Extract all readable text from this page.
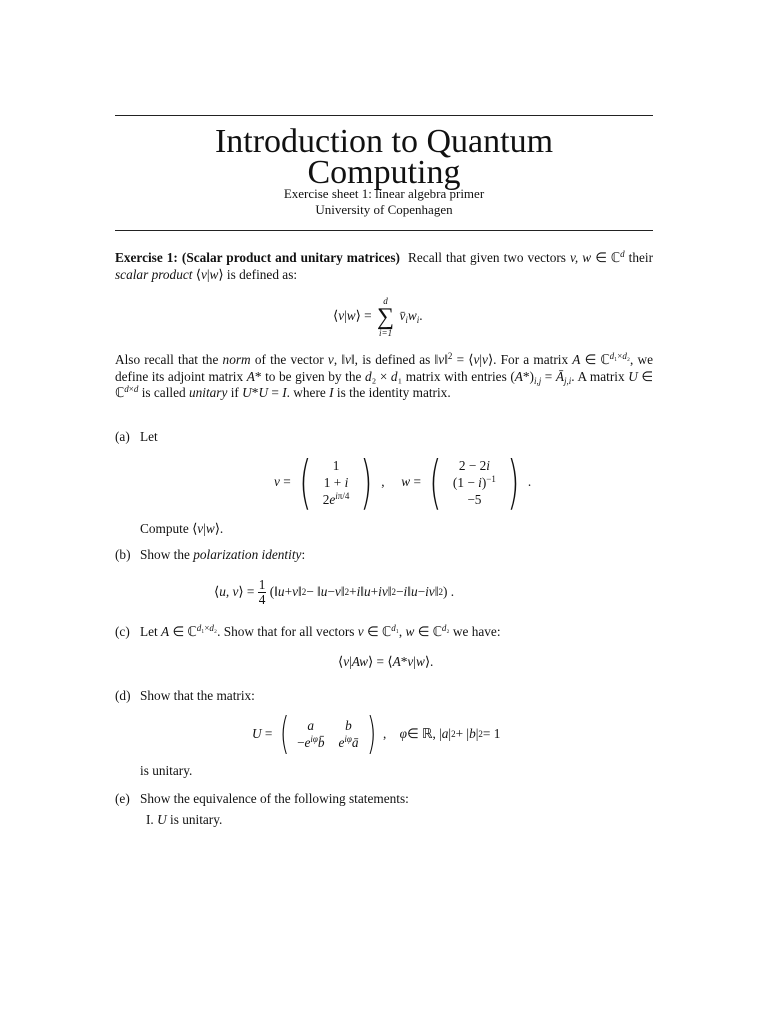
Introduction to Quantum
Computing
Exercise sheet 1: linear algebra primer
University of Copenhagen
Exercise 1: (Scalar product and unitary matrices) Recall that given two vectors v, w ∈ ℂ$^d$ their scalar product ⟨v|w⟩ is defined as:
⟨v|w⟩ =
d
∑
i=1
$v̄_iw_i$.
Also recall that the norm of the vector v, ‖v‖, is defined as ‖v‖$^2$ = ⟨v|v⟩. For a matrix A ∈ ℂ$^{d_1\times d_2}$, we define its adjoint matrix A* to be given by the d₂ × d₁ matrix with entries $(A*)_{i,j}$ = $Ā_{j,i}$. A matrix U ∈ ℂ$^{d\times d}$ is called unitary if U*U = I. where I is the identity matrix.
(a) Let
v = ( 1
1 + i
$2e^{i\pi/4}$ ) , w = ( 2 − 2i
$(1 - i)^{-1}$
−5 ) .
Compute ⟨v|w⟩.
(b) Show the polarization identity:
⟨ u, v ⟩ = $\frac{1}{4}$ (‖ u + v ‖ 2 − ‖ u − v ‖ 2 + i ‖ u + iv ‖ 2 − i ‖ u − iv ‖ 2 ) .
(c) Let A ∈ ℂ$^{d_1\times d_2}$. Show that for all vectors v ∈ ℂ$^{d_1}$, w ∈ ℂ$^{d_2}$ we have:
⟨v|Aw⟩ = ⟨A*v|w⟩.
(d) Show that the matrix:
U = (	a	b
$-e^{i\varphi}b̄$ $e^{i\varphi}ā$ ) , φ ∈ ℝ, | a | 2 + | b | 2 = 1
is unitary.
(e) Show the equivalence of the following statements:
I. U is unitary.
